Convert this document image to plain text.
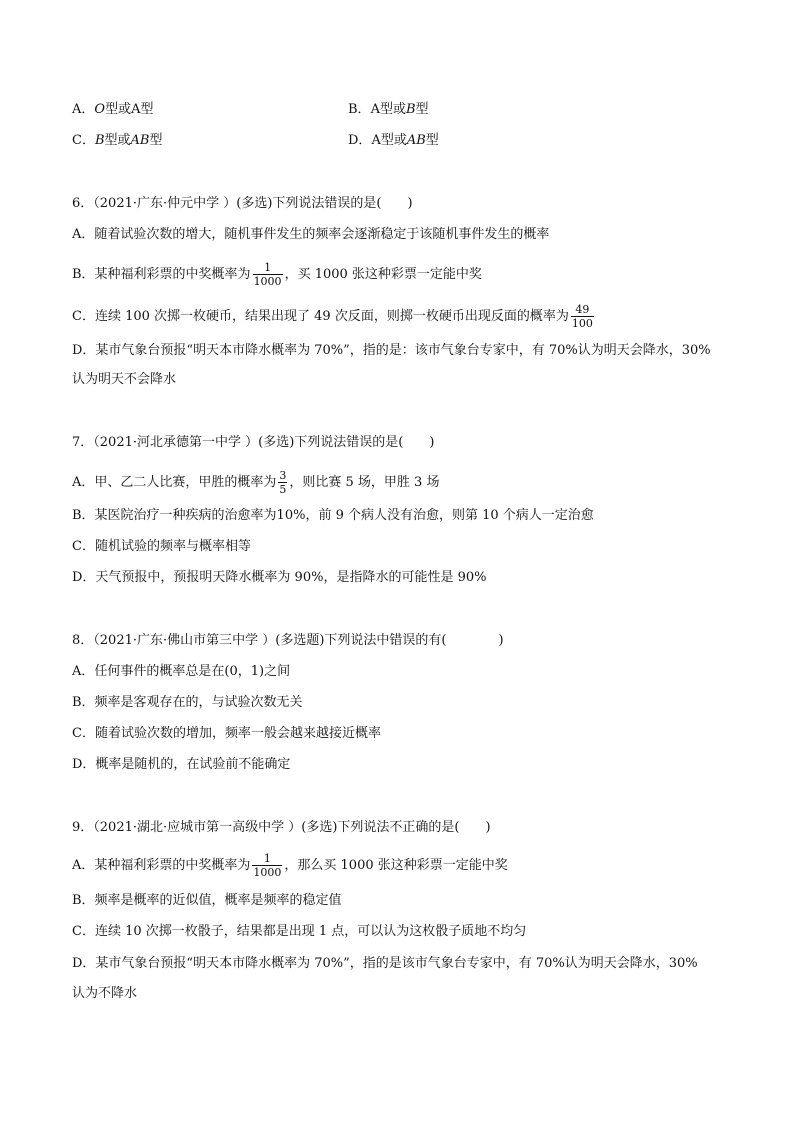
A．O型或A型	B．A型或B型
C．B型或AB型	D．A型或AB型
6．（2021·广东·仲元中学 ）(多选)下列说法错误的是(　　)
A．随着试验次数的增大，随机事件发生的频率会逐渐稳定于该随机事件发生的概率
B．某种福利彩票的中奖概率为 $\frac{1}{1000}$ ，买 1000 张这种彩票一定能中奖
C．连续 100 次掷一枚硬币，结果出现了 49 次反面，则掷一枚硬币出现反面的概率为 $\frac{49}{100}$
D．某市气象台预报“明天本市降水概率为 70%”，指的是：该市气象台专家中，有 70%认为明天会降水，30%
认为明天不会降水
7．（2021·河北承德第一中学 ）(多选)下列说法错误的是(　　)
A．甲、乙二人比赛，甲胜的概率为 $\frac{3}{5}$ ，则比赛 5 场，甲胜 3 场
B．某医院治疗一种疾病的治愈率为10%，前 9 个病人没有治愈，则第 10 个病人一定治愈
C．随机试验的频率与概率相等
D．天气预报中，预报明天降水概率为 90%，是指降水的可能性是 90%
8．（2021·广东·佛山市第三中学 ）(多选题)下列说法中错误的有(　　　　)
A．任何事件的概率总是在(0，1)之间
B．频率是客观存在的，与试验次数无关
C．随着试验次数的增加，频率一般会越来越接近概率
D．概率是随机的，在试验前不能确定
9．（2021·湖北·应城市第一高级中学 ）(多选)下列说法不正确的是(　　)
A．某种福利彩票的中奖概率为 $\frac{1}{1000}$ ，那么买 1000 张这种彩票一定能中奖
B．频率是概率的近似值，概率是频率的稳定值
C．连续 10 次掷一枚骰子，结果都是出现 1 点，可以认为这枚骰子质地不均匀
D．某市气象台预报“明天本市降水概率为 70%”，指的是该市气象台专家中，有 70%认为明天会降水，30%
认为不降水
